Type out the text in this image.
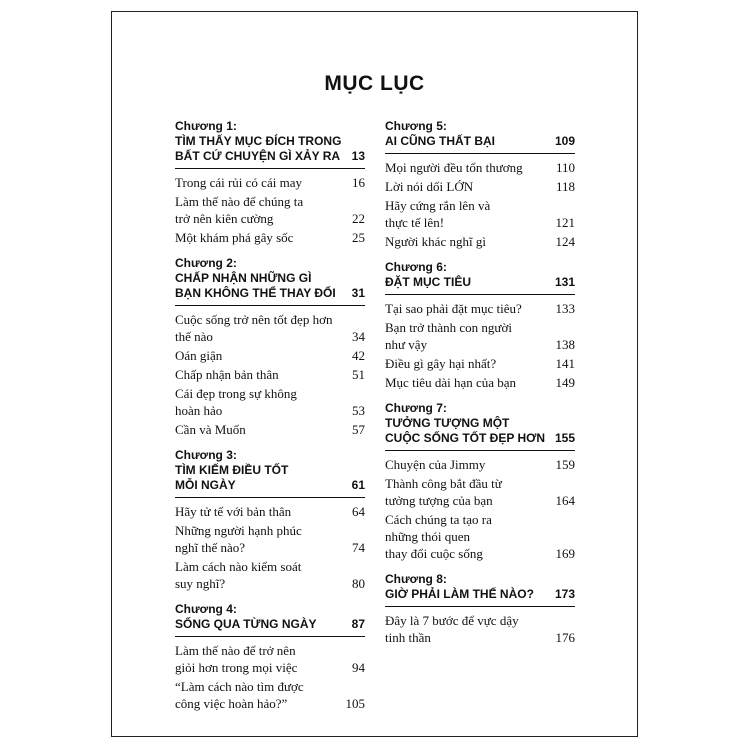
MỤC LỤC
Chương 1:
TÌM THẤY MỤC ĐÍCH TRONG
BẤT CỨ CHUYỆN GÌ XẢY RA 13
Trong cái rủi có cái may	16
Làm thế nào để chúng ta
trở nên kiên cường	22
Một khám phá gây sốc	25
Chương 2:
CHẤP NHẬN NHỮNG GÌ
BẠN KHÔNG THỂ THAY ĐỔI 31
Cuộc sống trở nên tốt đẹp hơn
thế nào	34
Oán giận	42
Chấp nhận bản thân	51
Cái đẹp trong sự không
hoàn hảo	53
Cần và Muốn	57
Chương 3:
TÌM KIẾM ĐIỀU TỐT
MỖI NGÀY	61
Hãy tử tế với bản thân	64
Những người hạnh phúc
nghĩ thế nào?	74
Làm cách nào kiểm soát
suy nghĩ?	80
Chương 4:
SỐNG QUA TỪNG NGÀY	87
Làm thế nào để trở nên
giỏi hơn trong mọi việc	94
“Làm cách nào tìm được
công việc hoàn hảo?”	105
Chương 5:
AI CŨNG THẤT BẠI	109
Mọi người đều tổn thương	110
Lời nói dối LỚN	118
Hãy cứng rắn lên và
thực tế lên!	121
Người khác nghĩ gì	124
Chương 6:
ĐẶT MỤC TIÊU	131
Tại sao phải đặt mục tiêu?	133
Bạn trở thành con người
như vậy	138
Điều gì gây hại nhất?	141
Mục tiêu dài hạn của bạn	149
Chương 7:
TƯỞNG TƯỢNG MỘT
CUỘC SỐNG TỐT ĐẸP HƠN 155
Chuyện của Jimmy	159
Thành công bắt đầu từ
tưởng tượng của bạn	164
Cách chúng ta tạo ra
những thói quen
thay đổi cuộc sống	169
Chương 8:
GIỜ PHẢI LÀM THẾ NÀO? 173
Đây là 7 bước để vực dậy
tinh thần	176
